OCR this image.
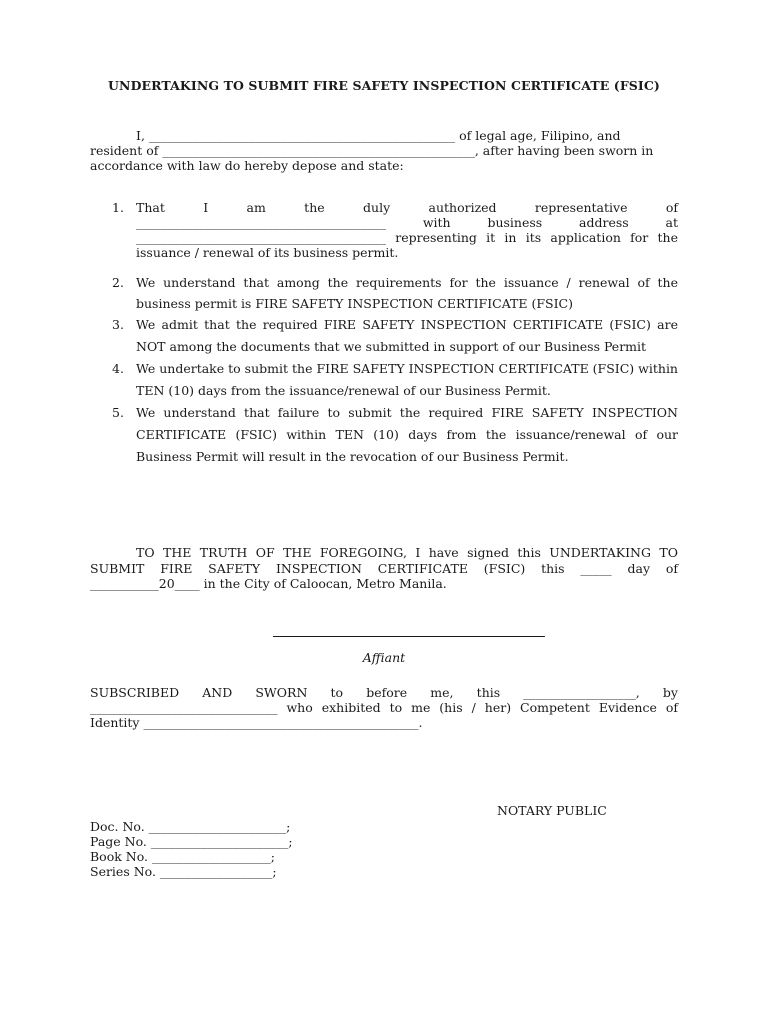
UNDERTAKING TO SUBMIT FIRE SAFETY INSPECTION CERTIFICATE (FSIC)
I, _________________________________________________ of legal age, Filipino, and
resident of __________________________________________________, after having been sworn in
accordance with law do hereby depose and state:
1. That I am the duly authorized representative of ________________________________________ with business address at ________________________________________ representing it in its application for the issuance / renewal of its business permit.
2. We understand that among the requirements for the issuance / renewal of the business permit is FIRE SAFETY INSPECTION CERTIFICATE (FSIC)
3. We admit that the required FIRE SAFETY INSPECTION CERTIFICATE (FSIC) are NOT among the documents that we submitted in support of our Business Permit
4. We undertake to submit the FIRE SAFETY INSPECTION CERTIFICATE (FSIC) within TEN (10) days from the issuance/renewal of our Business Permit.
5. We understand that failure to submit the required FIRE SAFETY INSPECTION CERTIFICATE (FSIC) within TEN (10) days from the issuance/renewal of our Business Permit will result in the revocation of our Business Permit.
TO THE TRUTH OF THE FOREGOING, I have signed this UNDERTAKING TO SUBMIT FIRE SAFETY INSPECTION CERTIFICATE (FSIC) this _____ day of ___________20____ in the City of Caloocan, Metro Manila.
Affiant
SUBSCRIBED AND SWORN to before me, this __________________, by ______________________________ who exhibited to me (his / her) Competent Evidence of Identity ____________________________________________.
NOTARY PUBLIC
Doc. No. ______________________;
Page No. ______________________;
Book No. ___________________;
Series No. __________________;
